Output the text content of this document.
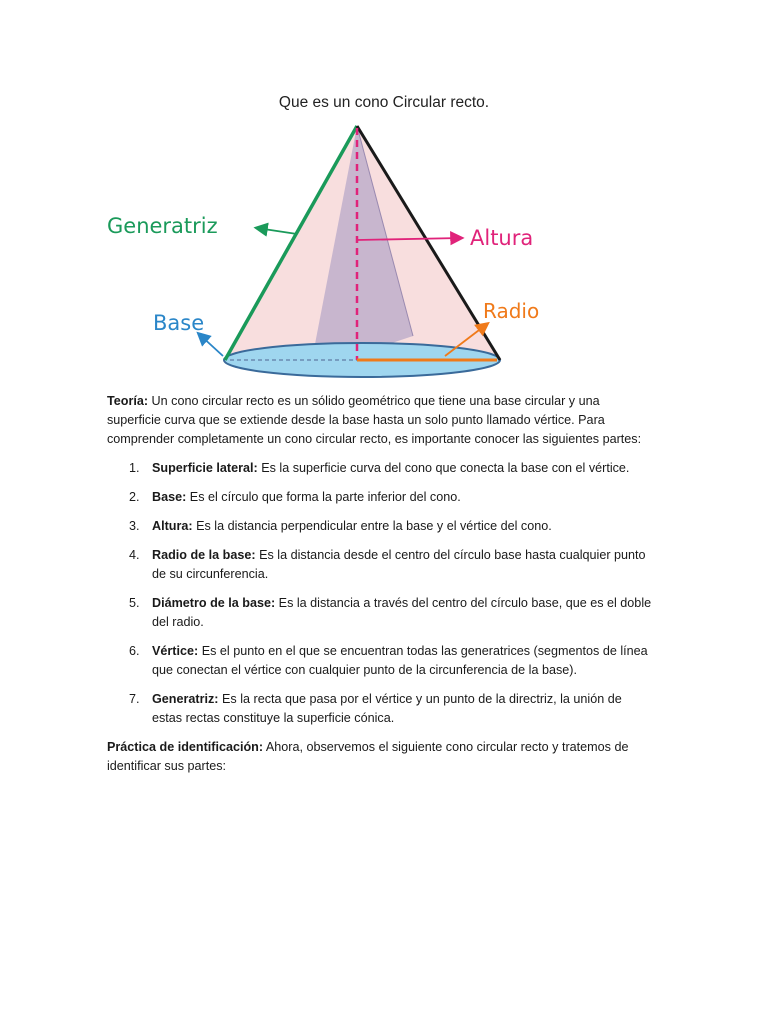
Que es un cono Circular recto.
Generatriz	Altura
Base	Radio

Teoría: Un cono circular recto es un sólido geométrico que tiene una base circular y una superficie curva que se extiende desde la base hasta un solo punto llamado vértice. Para comprender completamente un cono circular recto, es importante conocer las siguientes partes:

1. Superficie lateral: Es la superficie curva del cono que conecta la base con el vértice.
2. Base: Es el círculo que forma la parte inferior del cono.
3. Altura: Es la distancia perpendicular entre la base y el vértice del cono.
4. Radio de la base: Es la distancia desde el centro del círculo base hasta cualquier punto de su circunferencia.
5. Diámetro de la base: Es la distancia a través del centro del círculo base, que es el doble del radio.
6. Vértice: Es el punto en el que se encuentran todas las generatrices (segmentos de línea que conectan el vértice con cualquier punto de la circunferencia de la base).
7. Generatriz: Es la recta que pasa por el vértice y un punto de la directriz, la unión de estas rectas constituye la superficie cónica.

Práctica de identificación: Ahora, observemos el siguiente cono circular recto y tratemos de identificar sus partes:
